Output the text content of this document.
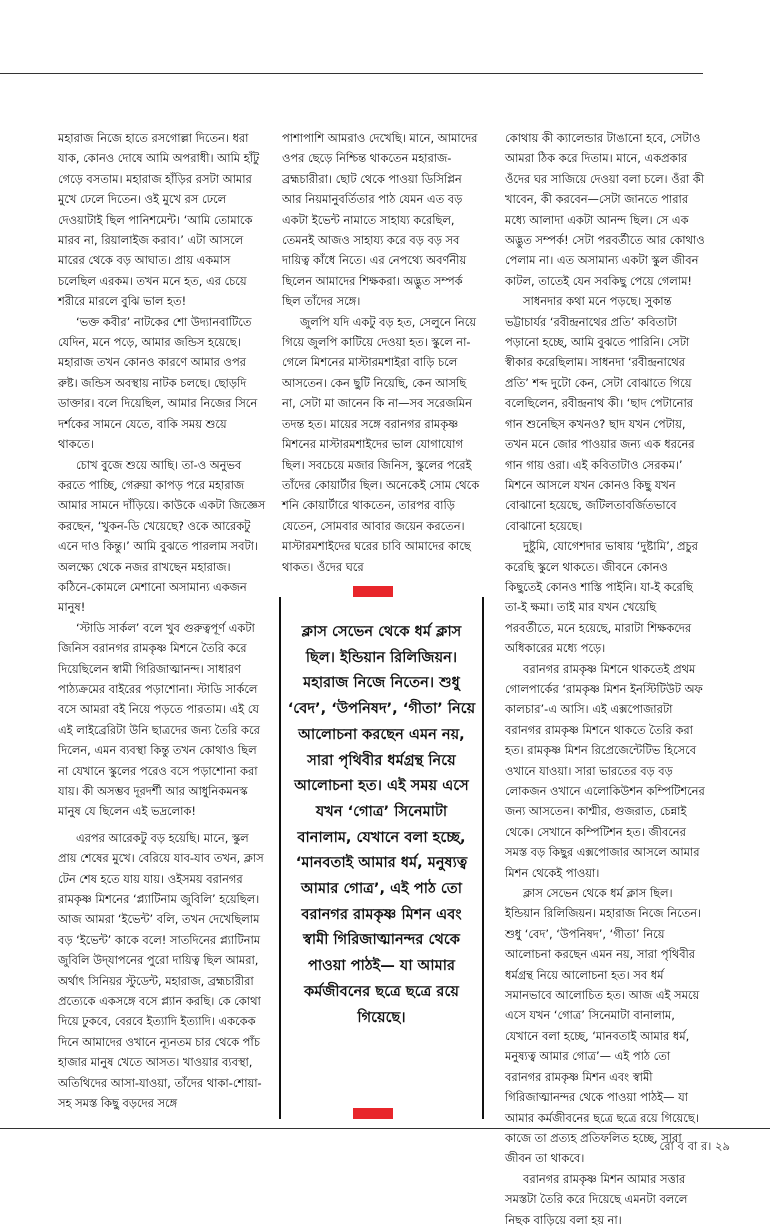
মহারাজ নিজে হাতে রসগোল্লা দিতেন। ধরা যাক, কোনও দোষে আমি অপরাধী। আমি হাঁটু গেড়ে বসতাম। মহারাজ হাঁড়ির রসটা আমার মুখে ঢেলে দিতেন। ওই মুখে রস ঢেলে দেওয়াটাই ছিল পানিশমেন্ট। ‘আমি তোমাকে মারব না, রিয়ালাইজ করাব।’ এটা আসলে মারের থেকে বড় আঘাত। প্রায় একমাস চলেছিল এরকম। তখন মনে হত, এর চেয়ে শরীরে মারলে বুঝি ভাল হত!

‘ভক্ত কবীর’ নাটকের শো উদ্যানবাটিতে যেদিন, মনে পড়ে, আমার জন্ডিস হয়েছে। মহারাজ তখন কোনও কারণে আমার ওপর রুষ্ট। জন্ডিস অবস্থায় নাটক চলছে। ছোড়দি ডাক্তার। বলে দিয়েছিল, আমার নিজের সিনে দর্শকের সামনে যেতে, বাকি সময় শুয়ে থাকতে।

চোখ বুজে শুয়ে আছি। তা-ও অনুভব করতে পাচ্ছি, গেরুয়া কাপড় পরে মহারাজ আমার সামনে দাঁড়িয়ে। কাউকে একটা জিজ্ঞেস করছেন, ‘খুকন-ডি খেয়েছে? ওকে আরেকটু এনে দাও কিন্তু।’ আমি বুঝতে পারলাম সবটা। অলক্ষ্যে থেকে নজর রাখছেন মহারাজ। কঠিনে-কোমলে মেশানো অসামান্য একজন মানুষ!

‘স্টাডি সার্কল’ বলে খুব গুরুত্বপূর্ণ একটা জিনিস বরানগর রামকৃষ্ণ মিশনে তৈরি করে দিয়েছিলেন স্বামী গিরিজাত্মানন্দ। সাধারণ পাঠ্যক্রমের বাইরের পড়াশোনা। স্টাডি সার্কলে বসে আমরা বই নিয়ে পড়তে পারতাম। এই যে এই লাইব্রেরিটা উনি ছাত্রদের জন্য তৈরি করে দিলেন, এমন ব্যবস্থা কিন্তু তখন কোথাও ছিল না যেখানে স্কুলের পরেও বসে পড়াশোনা করা যায়। কী অসম্ভব দূরদর্শী আর আধুনিকমনস্ক মানুষ যে ছিলেন এই ভদ্রলোক!

এরপর আরেকটু বড় হয়েছি। মানে, স্কুল প্রায় শেষের মুখে। বেরিয়ে যাব-যাব তখন, ক্লাস টেন শেষ হতে যায় যায়। ওইসময় বরানগর রামকৃষ্ণ মিশনের ‘প্ল্যাটিনাম জুবিলি’ হয়েছিল। আজ আমরা ‘ইভেন্ট’ বলি, তখন দেখেছিলাম বড় ‘ইভেন্ট’ কাকে বলে! সাতদিনের প্ল্যাটিনাম জুবিলি উদ্‌যাপনের পুরো দায়িত্ব ছিল আমরা, অর্থাৎ সিনিয়র স্টুডেন্ট, মহারাজ, ব্রহ্মচারীরা প্রত্যেকে একসঙ্গে বসে প্ল্যান করছি। কে কোথা দিয়ে ঢুকবে, বেরবে ইত্যাদি ইত্যাদি। এককেক দিনে আমাদের ওখানে ন্যূনতম চার থেকে পাঁচ হাজার মানুষ খেতে আসত। খাওয়ার ব্যবস্থা, অতিথিদের আসা-যাওয়া, তাঁদের থাকা-শোয়া-সহ সমস্ত কিছু বড়দের সঙ্গে

পাশাপাশি আমরাও দেখেছি। মানে, আমাদের ওপর ছেড়ে নিশ্চিন্ত থাকতেন মহারাজ-ব্রহ্মচারীরা। ছোট থেকে পাওয়া ডিসিপ্লিন আর নিয়মানুবর্তিতার পাঠ যেমন এত বড় একটা ইভেন্ট নামাতে সাহায্য করেছিল, তেমনই আজও সাহায্য করে বড় বড় সব দায়িত্ব কাঁধে নিতে। এর নেপথ্যে অবর্ণনীয় ছিলেন আমাদের শিক্ষকরা। অদ্ভুত সম্পর্ক ছিল তাঁদের সঙ্গে।

জুলপি যদি একটু বড় হত, সেলুনে নিয়ে গিয়ে জুলপি কাটিয়ে দেওয়া হত। স্কুলে না-গেলে মিশনের মাস্টারমশাইরা বাড়ি চলে আসতেন। কেন ছুটি নিয়েছি, কেন আসছি না, সেটা মা জানেন কি না—সব সরেজমিন তদন্ত হত। মায়ের সঙ্গে বরানগর রামকৃষ্ণ মিশনের মাস্টারমশাইদের ভাল যোগাযোগ ছিল। সবচেয়ে মজার জিনিস, স্কুলের পরেই তাঁদের কোয়ার্টার ছিল। অনেকেই সোম থেকে শনি কোয়ার্টারে থাকতেন, তারপর বাড়ি যেতেন, সোমবার আবার জয়েন করতেন। মাস্টারমশাইদের ঘরের চাবি আমাদের কাছে থাকত। ওঁদের ঘরে

ক্লাস সেভেন থেকে ধর্ম ক্লাস ছিল। ইন্ডিয়ান রিলিজিয়ন। মহারাজ নিজে নিতেন। শুধু ‘বেদ’, ‘উপনিষদ’, ‘গীতা’ নিয়ে আলোচনা করছেন এমন নয়, সারা পৃথিবীর ধর্মগ্রন্থ নিয়ে আলোচনা হত। এই সময় এসে যখন ‘গোত্র’ সিনেমাটা বানালাম, যেখানে বলা হচ্ছে, ‘মানবতাই আমার ধর্ম, মনুষ্যত্ব আমার গোত্র’, এই পাঠ তো বরানগর রামকৃষ্ণ মিশন এবং স্বামী গিরিজাত্মানন্দর থেকে পাওয়া পাঠই— যা আমার কর্মজীবনের ছত্রে ছত্রে রয়ে গিয়েছে।

কোথায় কী ক্যালেন্ডার টাঙানো হবে, সেটাও আমরা ঠিক করে দিতাম। মানে, একপ্রকার ওঁদের ঘর সাজিয়ে দেওয়া বলা চলে। ওঁরা কী খাবেন, কী করবেন—সেটা জানতে পারার মধ্যে আলাদা একটা আনন্দ ছিল। সে এক অদ্ভুত সম্পর্ক! সেটা পরবর্তীতে আর কোথাও পেলাম না। এত অসামান্য একটা স্কুল জীবন কাটল, তাতেই যেন সবকিছু পেয়ে গেলাম!

সাধনদার কথা মনে পড়ছে। সুকান্ত ভট্টাচার্যর ‘রবীন্দ্রনাথের প্রতি’ কবিতাটা পড়ানো হচ্ছে, আমি বুঝতে পারিনি। সেটা স্বীকার করেছিলাম। সাধনদা ‘রবীন্দ্রনাথের প্রতি’ শব্দ দুটো কেন, সেটা বোঝাতে গিয়ে বলেছিলেন, রবীন্দ্রনাথ কী। ‘ছাদ পেটানোর গান শুনেছিস কখনও? ছাদ যখন পেটায়, তখন মনে জোর পাওয়ার জন্য এক ধরনের গান গায় ওরা। এই কবিতাটাও সেরকম।’ মিশনে আসলে যখন কোনও কিছু যখন বোঝানো হয়েছে, জটিলতাবর্জিতভাবে বোঝানো হয়েছে।

দুষ্টুমি, যোগেশদার ভাষায় ‘দুষ্টামি’, প্রচুর করেছি স্কুলে থাকতে। জীবনে কোনও কিছুতেই কোনও শাস্তি পাইনি। যা-ই করেছি তা-ই ক্ষমা। তাই মার যখন খেয়েছি পরবর্তীতে, মনে হয়েছে, মারাটা শিক্ষকদের অধিকারের মধ্যে পড়ে।

বরানগর রামকৃষ্ণ মিশনে থাকতেই প্রথম গোলপার্কের ‘রামকৃষ্ণ মিশন ইনস্টিটিউট অফ কালচার’-এ আসি। এই এক্সপোজারটা বরানগর রামকৃষ্ণ মিশনে থাকতে তৈরি করা হত। রামকৃষ্ণ মিশন রিপ্রেজেন্টেটিভ হিসেবে ওখানে যাওয়া। সারা ভারতের বড় বড় লোকজন ওখানে এলোকিউশন কম্পিটিশনের জন্য আসতেন। কাশ্মীর, গুজরাত, চেন্নাই থেকে। সেখানে কম্পিটিশন হত। জীবনের সমস্ত বড় কিছুর এক্সপোজার আসলে আমার মিশন থেকেই পাওয়া।

ক্লাস সেভেন থেকে ধর্ম ক্লাস ছিল। ইন্ডিয়ান রিলিজিয়ন। মহারাজ নিজে নিতেন। শুধু ‘বেদ’, ‘উপনিষদ’, ‘গীতা’ নিয়ে আলোচনা করছেন এমন নয়, সারা পৃথিবীর ধর্মগ্রন্থ নিয়ে আলোচনা হত। সব ধর্ম সমানভাবে আলোচিত হত। আজ এই সময়ে এসে যখন ‘গোত্র’ সিনেমাটা বানালাম, যেখানে বলা হচ্ছে, ‘মানবতাই আমার ধর্ম, মনুষ্যত্ব আমার গোত্র’— এই পাঠ তো বরানগর রামকৃষ্ণ মিশন এবং স্বামী গিরিজাত্মানন্দর থেকে পাওয়া পাঠই— যা আমার কর্মজীবনের ছত্রে ছত্রে রয়ে গিয়েছে। কাজে তা প্রত্যহ প্রতিফলিত হচ্ছে, সারা জীবন তা থাকবে।

বরানগর রামকৃষ্ণ মিশন আমার সত্তার সমস্তটা তৈরি করে দিয়েছে এমনটা বললে নিছক বাড়িয়ে বলা হয় না।

রো ব বা র। ২৯
